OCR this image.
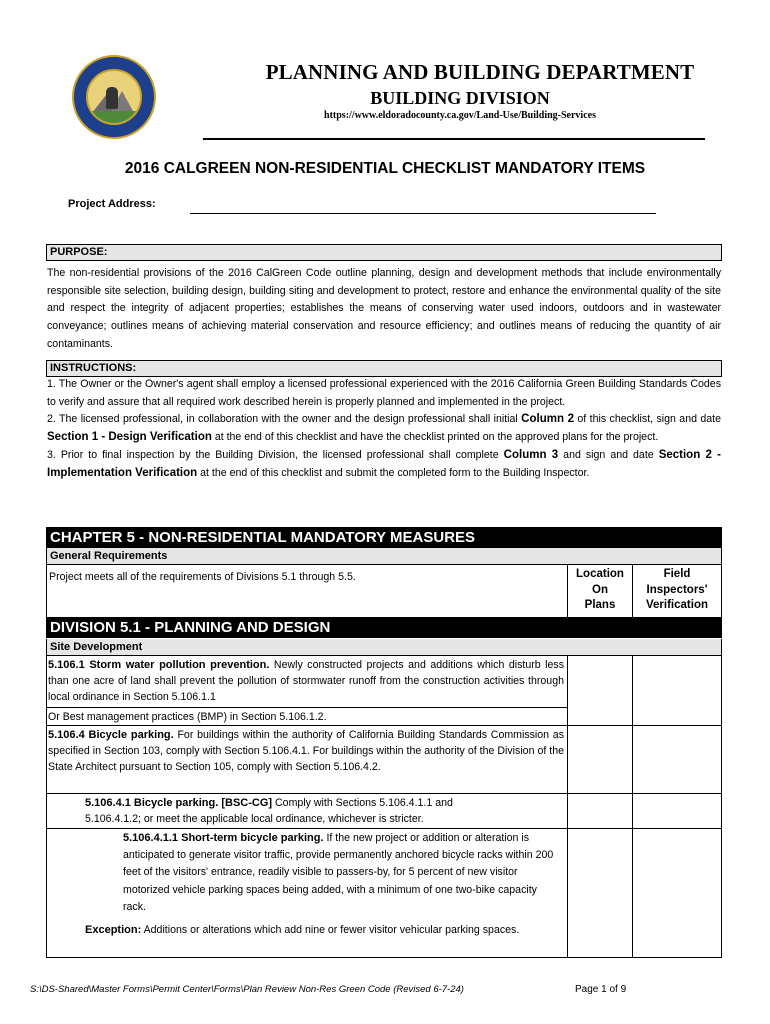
PLANNING AND BUILDING DEPARTMENT
BUILDING DIVISION
https://www.eldoradocounty.ca.gov/Land-Use/Building-Services
2016 CALGREEN NON-RESIDENTIAL CHECKLIST MANDATORY ITEMS
Project Address:
PURPOSE:
The non-residential provisions of the 2016 CalGreen Code outline planning, design and development methods that include environmentally responsible site selection, building design, building siting and development to protect, restore and enhance the environmental quality of the site and respect the integrity of adjacent properties; establishes the means of conserving water used indoors, outdoors and in wastewater conveyance; outlines means of achieving material conservation and resource efficiency; and outlines means of reducing the quantity of air contaminants.
INSTRUCTIONS:
1. The Owner or the Owner's agent shall employ a licensed professional experienced with the 2016 California Green Building Standards Codes to verify and assure that all required work described herein is properly planned and implemented in the project.
2. The licensed professional, in collaboration with the owner and the design professional shall initial Column 2 of this checklist, sign and date Section 1 - Design Verification at the end of this checklist and have the checklist printed on the approved plans for the project.
3. Prior to final inspection by the Building Division, the licensed professional shall complete Column 3 and sign and date Section 2 - Implementation Verification at the end of this checklist and submit the completed form to the Building Inspector.
CHAPTER 5 - NON-RESIDENTIAL MANDATORY MEASURES
General Requirements
Project meets all of the requirements of Divisions 5.1 through 5.5.	Location
On
Plans
Field
Inspectors'
Verification
DIVISION 5.1 - PLANNING AND DESIGN
Site Development
5.106.1 Storm water pollution prevention. Newly constructed projects and additions which disturb less than one acre of land shall prevent the pollution of stormwater runoff from the construction activities through local ordinance in Section 5.106.1.1
Or Best management practices (BMP) in Section 5.106.1.2.
5.106.4 Bicycle parking. For buildings within the authority of California Building Standards Commission as specified in Section 103, comply with Section 5.106.4.1. For buildings within the authority of the Division of the State Architect pursuant to Section 105, comply with Section 5.106.4.2.
5.106.4.1 Bicycle parking. [BSC-CG] Comply with Sections 5.106.4.1.1 and 5.106.4.1.2; or meet the applicable local ordinance, whichever is stricter.
5.106.4.1.1 Short-term bicycle parking. If the new project or addition or alteration is anticipated to generate visitor traffic, provide permanently anchored bicycle racks within 200 feet of the visitors' entrance, readily visible to passers-by, for 5 percent of new visitor motorized vehicle parking spaces being added, with a minimum of one two-bike capacity rack.
Exception: Additions or alterations which add nine or fewer visitor vehicular parking spaces.
S:\DS-Shared\Master Forms\Permit Center\Forms\Plan Review Non-Res Green Code (Revised 6-7-24)	Page 1 of 9
